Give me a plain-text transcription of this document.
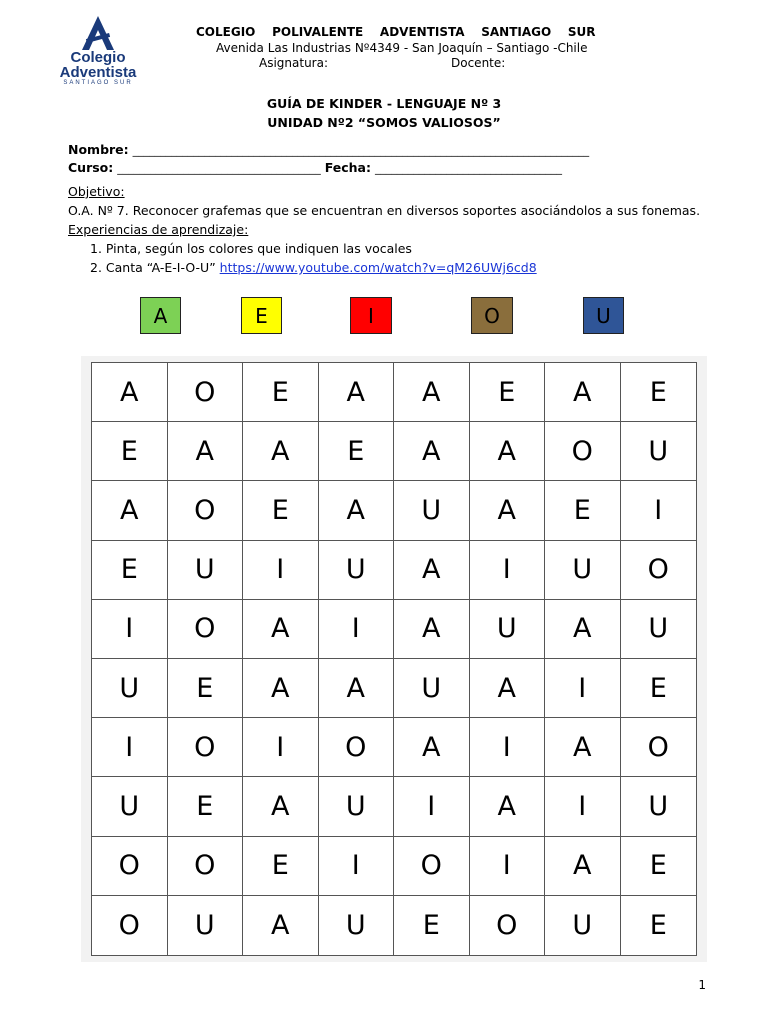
Colegio
Adventista
SANTIAGO SUR
COLEGIO    POLIVALENTE    ADVENTISTA    SANTIAGO    SUR
Avenida Las Industrias Nº4349 - San Joaquín – Santiago -Chile
Asignatura:	Docente:
GUÍA DE KINDER - LENGUAJE Nº 3
UNIDAD Nº2 “SOMOS VALIOSOS”
Nombre: ___________________________________________________________________________________
Curso: _____________________________________ Fecha: __________________________________
Objetivo:
O.A. Nº 7. Reconocer grafemas que se encuentran en diversos soportes asociándolos a sus fonemas.
Experiencias de aprendizaje:
1. Pinta, según los colores que indiquen las vocales
2. Canta “A-E-I-O-U” https://www.youtube.com/watch?v=qM26UWj6cd8
A	E	I	O	U
A	O	E	A	A	E	A	E
E	A	A	E	A	A	O	U
A	O	E	A	U	A	E	I
E	U	I	U	A	I	U	O
I	O	A	I	A	U	A	U
U	E	A	A	U	A	I	E
I	O	I	O	A	I	A	O
U	E	A	U	I	A	I	U
O	O	E	I	O	I	A	E
O	U	A	U	E	O	U	E
1
